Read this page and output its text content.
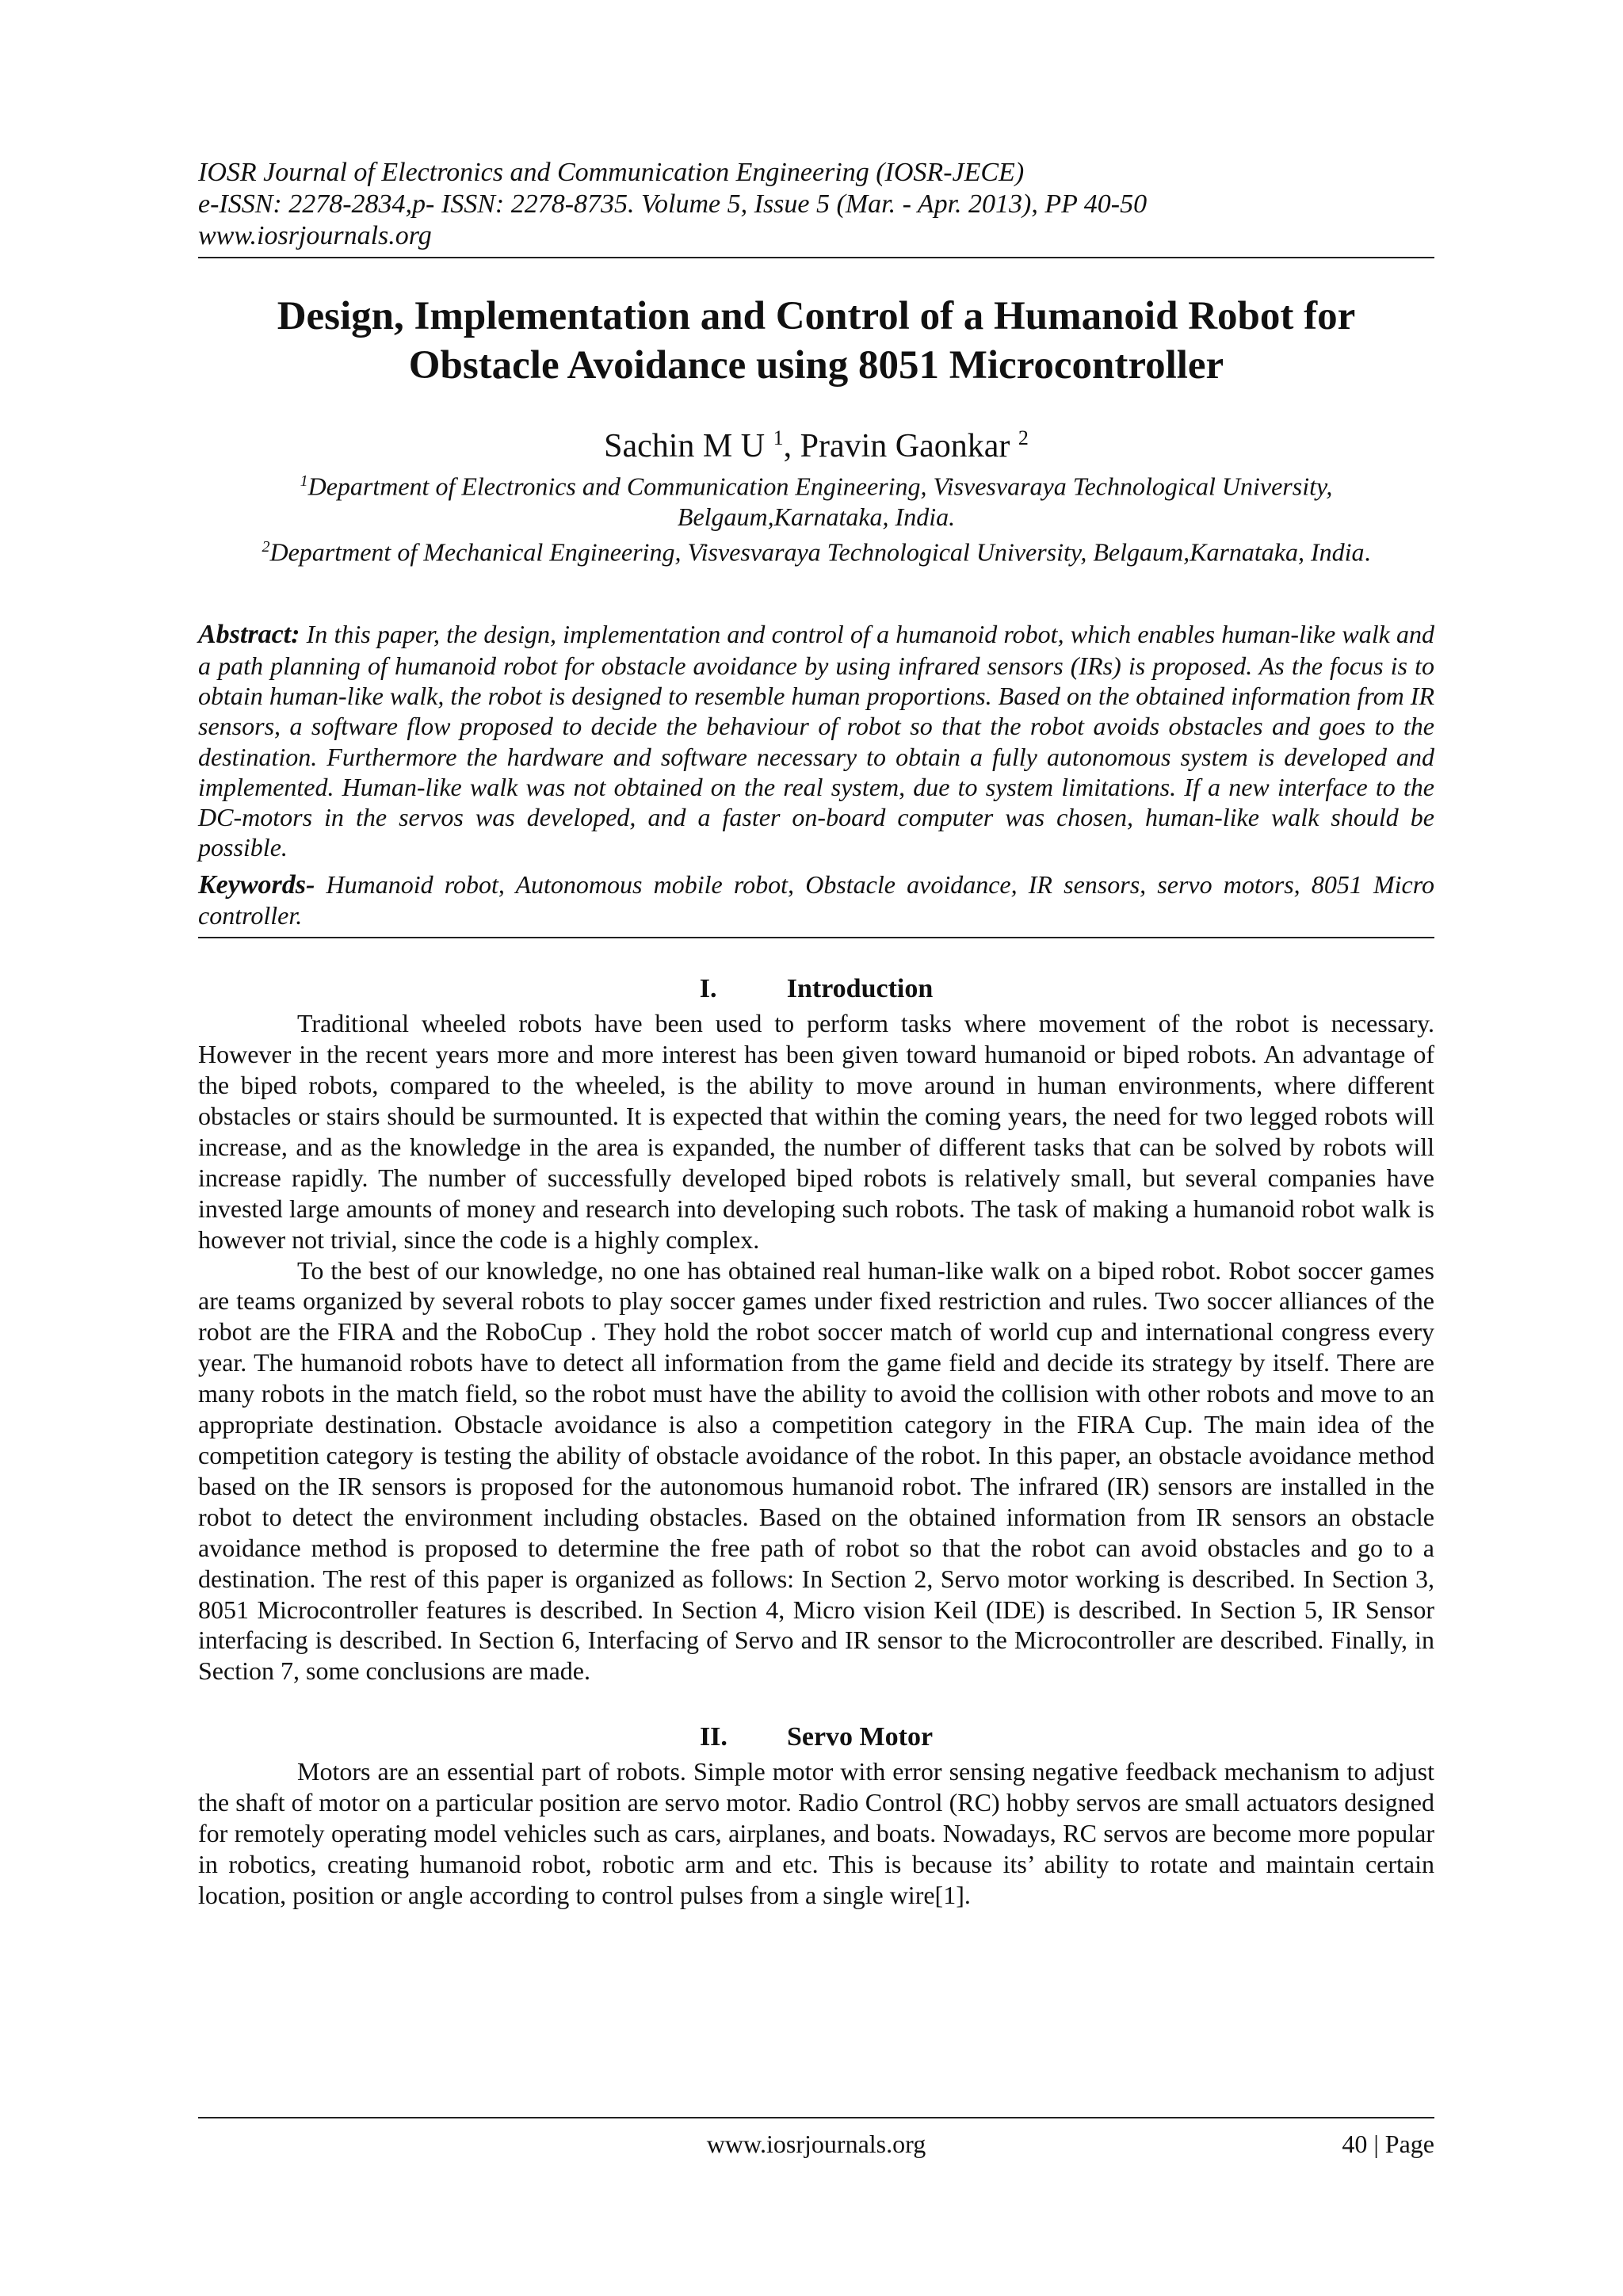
IOSR Journal of Electronics and Communication Engineering (IOSR-JECE)
e-ISSN: 2278-2834,p- ISSN: 2278-8735. Volume 5, Issue 5 (Mar. - Apr. 2013), PP 40-50
www.iosrjournals.org
Design, Implementation and Control of a Humanoid Robot for
Obstacle Avoidance using 8051 Microcontroller
Sachin M U $^1$, Pravin Gaonkar $^2$
$^1$Department of Electronics and Communication Engineering, Visvesvaraya Technological University,
Belgaum,Karnataka, India.
$^2$Department of Mechanical Engineering, Visvesvaraya Technological University, Belgaum,Karnataka, India.

Abstract: In this paper, the design, implementation and control of a humanoid robot, which enables human-like walk and a path planning of humanoid robot for obstacle avoidance by using infrared sensors (IRs) is proposed. As the focus is to obtain human-like walk, the robot is designed to resemble human proportions. Based on the obtained information from IR sensors, a software flow proposed to decide the behaviour of robot so that the robot avoids obstacles and goes to the destination. Furthermore the hardware and software necessary to obtain a fully autonomous system is developed and implemented. Human-like walk was not obtained on the real system, due to system limitations. If a new interface to the DC-motors in the servos was developed, and a faster on-board computer was chosen, human-like walk should be possible.

Keywords- Humanoid robot, Autonomous mobile robot, Obstacle avoidance, IR sensors, servo motors, 8051 Micro controller.

I.	Introduction

Traditional wheeled robots have been used to perform tasks where movement of the robot is necessary. However in the recent years more and more interest has been given toward humanoid or biped robots. An advantage of the biped robots, compared to the wheeled, is the ability to move around in human environments, where different obstacles or stairs should be surmounted. It is expected that within the coming years, the need for two legged robots will increase, and as the knowledge in the area is expanded, the number of different tasks that can be solved by robots will increase rapidly. The number of successfully developed biped robots is relatively small, but several companies have invested large amounts of money and research into developing such robots. The task of making a humanoid robot walk is however not trivial, since the code is a highly complex.

To the best of our knowledge, no one has obtained real human-like walk on a biped robot. Robot soccer games are teams organized by several robots to play soccer games under fixed restriction and rules. Two soccer alliances of the robot are the FIRA and the RoboCup . They hold the robot soccer match of world cup and international congress every year. The humanoid robots have to detect all information from the game field and decide its strategy by itself. There are many robots in the match field, so the robot must have the ability to avoid the collision with other robots and move to an appropriate destination. Obstacle avoidance is also a competition category in the FIRA Cup. The main idea of the competition category is testing the ability of obstacle avoidance of the robot. In this paper, an obstacle avoidance method based on the IR sensors is proposed for the autonomous humanoid robot. The infrared (IR) sensors are installed in the robot to detect the environment including obstacles. Based on the obtained information from IR sensors an obstacle avoidance method is proposed to determine the free path of robot so that the robot can avoid obstacles and go to a destination. The rest of this paper is organized as follows: In Section 2, Servo motor working is described. In Section 3, 8051 Microcontroller features is described. In Section 4, Micro vision Keil (IDE) is described. In Section 5, IR Sensor interfacing is described. In Section 6, Interfacing of Servo and IR sensor to the Microcontroller are described. Finally, in Section 7, some conclusions are made.

II. Servo Motor

Motors are an essential part of robots. Simple motor with error sensing negative feedback mechanism to adjust the shaft of motor on a particular position are servo motor. Radio Control (RC) hobby servos are small actuators designed for remotely operating model vehicles such as cars, airplanes, and boats. Nowadays, RC servos are become more popular in robotics, creating humanoid robot, robotic arm and etc. This is because its’ ability to rotate and maintain certain location, position or angle according to control pulses from a single wire[1].

www.iosrjournals.org	40 | Page
